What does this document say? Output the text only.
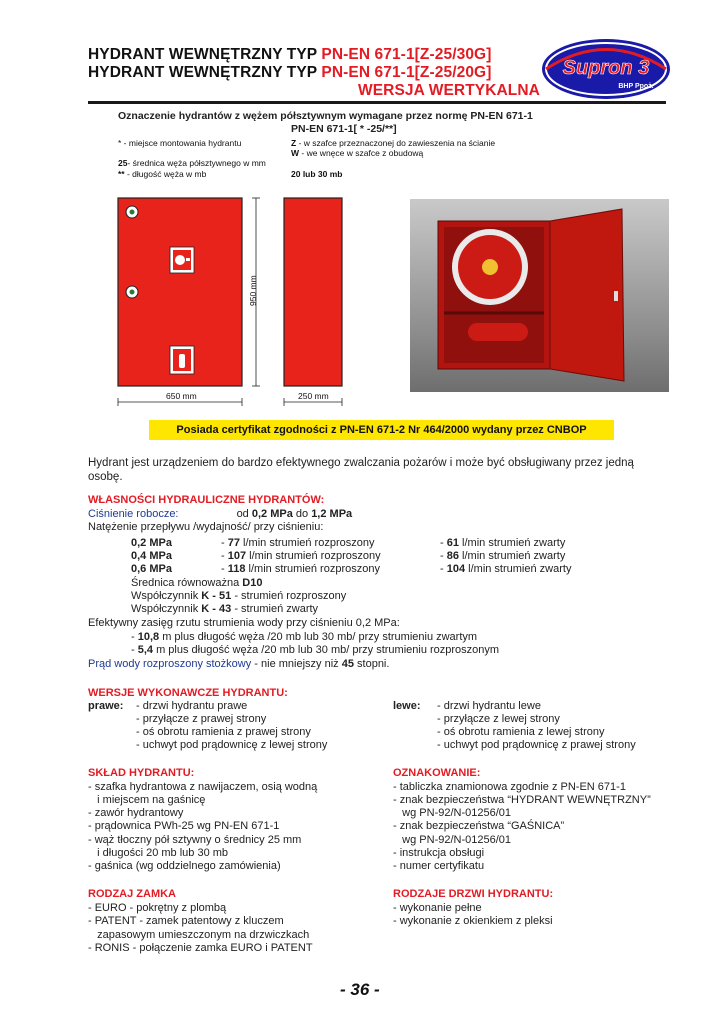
HYDRANT WEWNĘTRZNY TYP PN-EN 671-1[Z-25/30G]
HYDRANT WEWNĘTRZNY TYP PN-EN 671-1[Z-25/20G]
WERSJA WERTYKALNA
Supron 3
BHP Ppoż.
Oznaczenie hydrantów z wężem półsztywnym wymagane przez normę PN-EN 671-1
PN-EN 671-1[ * -25/**]
* - miejsce montowania hydrantu
25- średnica węża półsztywnego w mm
** - długość węża w mb
Z - w szafce przeznaczonej do zawieszenia na ścianie
W - we wnęce w szafce z obudową
20 lub 30 mb
950 mm
650 mm	250 mm
Posiada certyfikat zgodności z PN-EN 671-2 Nr 464/2000 wydany przez CNBOP
Hydrant jest urządzeniem do bardzo efektywnego zwalczania pożarów i może być obsługiwany przez jedną osobę.
WŁASNOŚCI HYDRAULICZNE HYDRANTÓW:
Ciśnienie robocze:	od 0,2 MPa do 1,2 MPa
Natężenie przepływu /wydajność/ przy ciśnieniu:
0,2 MPa	- 77 l/min strumień rozproszony	- 61 l/min strumień zwarty
0,4 MPa	- 107 l/min strumień rozproszony	- 86 l/min strumień zwarty
0,6 MPa	- 118 l/min strumień rozproszony	- 104 l/min strumień zwarty
Średnica równoważna D10
Współczynnik K - 51 - strumień rozproszony
Współczynnik K - 43 - strumień zwarty
Efektywny zasięg rzutu strumienia wody przy ciśnieniu 0,2 MPa:
- 10,8 m plus długość węża /20 mb lub 30 mb/ przy strumieniu zwartym
- 5,4 m plus długość węża /20 mb lub 30 mb/ przy strumieniu rozproszonym
Prąd wody rozproszony stożkowy - nie mniejszy niż 45 stopni.
WERSJE WYKONAWCZE HYDRANTU:
prawe: - drzwi hydrantu prawe
- przyłącze z prawej strony
- oś obrotu ramienia z prawej strony
- uchwyt pod prądownicę z lewej strony
lewe: - drzwi hydrantu lewe
- przyłącze z lewej strony
- oś obrotu ramienia z lewej strony
- uchwyt pod prądownicę z prawej strony
SKŁAD HYDRANTU:
- szafka hydrantowa z nawijaczem, osią wodną
i miejscem na gaśnicę
- zawór hydrantowy
- prądownica PWh-25 wg PN-EN 671-1
- wąż tłoczny pół sztywny o średnicy 25 mm
i długości 20 mb lub 30 mb
- gaśnica (wg oddzielnego zamówienia)
OZNAKOWANIE:
- tabliczka znamionowa zgodnie z PN-EN 671-1
- znak bezpieczeństwa “HYDRANT WEWNĘTRZNY”
wg PN-92/N-01256/01
- znak bezpieczeństwa “GAŚNICA”
wg PN-92/N-01256/01
- instrukcja obsługi
- numer certyfikatu
RODZAJ ZAMKA
- EURO - pokrętny z plombą
- PATENT - zamek patentowy z kluczem
zapasowym umieszczonym na drzwiczkach
- RONIS - połączenie zamka EURO i PATENT
RODZAJE DRZWI HYDRANTU:
- wykonanie pełne
- wykonanie z okienkiem z pleksi
- 36 -
